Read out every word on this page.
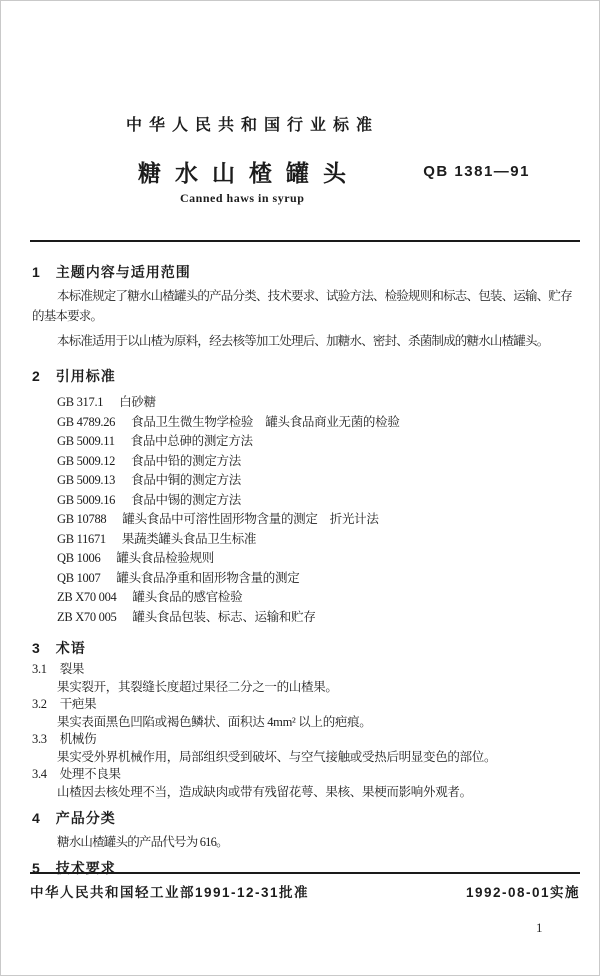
中华人民共和国行业标准
糖水山楂罐头	QB 1381—91
Canned haws in syrup
1 主题内容与适用范围

本标准规定了糖水山楂罐头的产品分类、技术要求、试验方法、检验规则和标志、包装、运输、贮存的基本要求。

本标准适用于以山楂为原料，经去核等加工处理后、加糖水、密封、杀菌制成的糖水山楂罐头。

2 引用标准
GB 317.1 白砂糖
GB 4789.26 食品卫生微生物学检验　罐头食品商业无菌的检验
GB 5009.11 食品中总砷的测定方法
GB 5009.12 食品中铅的测定方法
GB 5009.13 食品中铜的测定方法
GB 5009.16 食品中锡的测定方法
GB 10788 罐头食品中可溶性固形物含量的测定　折光计法
GB 11671 果蔬类罐头食品卫生标准
QB 1006 罐头食品检验规则
QB 1007 罐头食品净重和固形物含量的测定
ZB X70 004 罐头食品的感官检验
ZB X70 005 罐头食品包装、标志、运输和贮存
3 术语
3.1 裂果
果实裂开，其裂缝长度超过果径二分之一的山楂果。
3.2 干疤果
果实表面黑色凹陷或褐色鳞状、面积达 4mm² 以上的疤痕。
3.3 机械伤
果实受外界机械作用，局部组织受到破坏、与空气接触或受热后明显变色的部位。
3.4 处理不良果
山楂因去核处理不当，造成缺肉或带有残留花萼、果核、果梗而影响外观者。
4 产品分类

糖水山楂罐头的产品代号为 616。

5 技术要求
中华人民共和国轻工业部1991-12-31批准	1992-08-01实施
1
